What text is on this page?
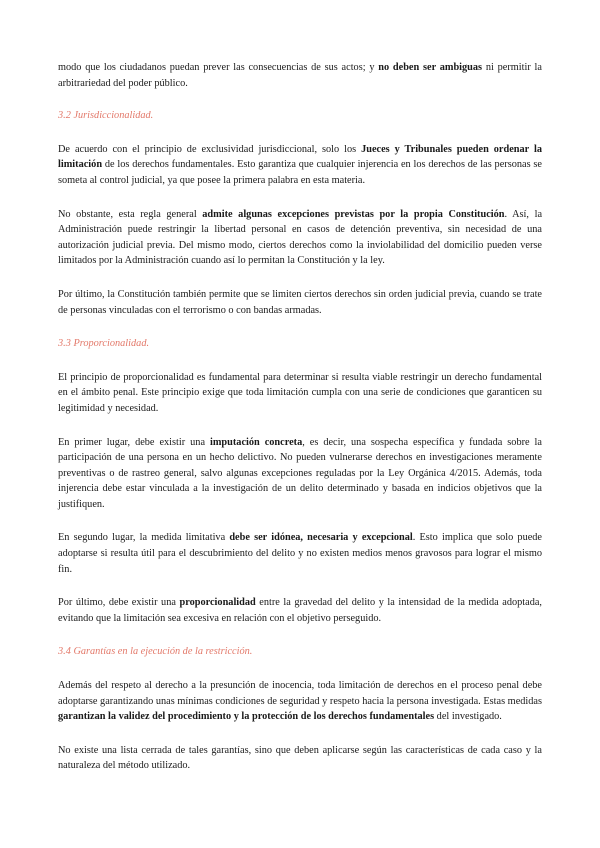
modo que los ciudadanos puedan prever las consecuencias de sus actos; y no deben ser ambiguas ni permitir la arbitrariedad del poder público.

3.2 Jurisdiccionalidad.

De acuerdo con el principio de exclusividad jurisdiccional, solo los Jueces y Tribunales pueden ordenar la limitación de los derechos fundamentales. Esto garantiza que cualquier injerencia en los derechos de las personas se someta al control judicial, ya que posee la primera palabra en esta materia.

No obstante, esta regla general admite algunas excepciones previstas por la propia Constitución. Así, la Administración puede restringir la libertad personal en casos de detención preventiva, sin necesidad de una autorización judicial previa. Del mismo modo, ciertos derechos como la inviolabilidad del domicilio pueden verse limitados por la Administración cuando así lo permitan la Constitución y la ley.

Por último, la Constitución también permite que se limiten ciertos derechos sin orden judicial previa, cuando se trate de personas vinculadas con el terrorismo o con bandas armadas.

3.3 Proporcionalidad.

El principio de proporcionalidad es fundamental para determinar si resulta viable restringir un derecho fundamental en el ámbito penal. Este principio exige que toda limitación cumpla con una serie de condiciones que garanticen su legitimidad y necesidad.

En primer lugar, debe existir una imputación concreta, es decir, una sospecha específica y fundada sobre la participación de una persona en un hecho delictivo. No pueden vulnerarse derechos en investigaciones meramente preventivas o de rastreo general, salvo algunas excepciones reguladas por la Ley Orgánica 4/2015. Además, toda injerencia debe estar vinculada a la investigación de un delito determinado y basada en indicios objetivos que la justifiquen.

En segundo lugar, la medida limitativa debe ser idónea, necesaria y excepcional. Esto implica que solo puede adoptarse si resulta útil para el descubrimiento del delito y no existen medios menos gravosos para lograr el mismo fin.

Por último, debe existir una proporcionalidad entre la gravedad del delito y la intensidad de la medida adoptada, evitando que la limitación sea excesiva en relación con el objetivo perseguido.

3.4 Garantías en la ejecución de la restricción.

Además del respeto al derecho a la presunción de inocencia, toda limitación de derechos en el proceso penal debe adoptarse garantizando unas mínimas condiciones de seguridad y respeto hacia la persona investigada. Estas medidas garantizan la validez del procedimiento y la protección de los derechos fundamentales del investigado.

No existe una lista cerrada de tales garantías, sino que deben aplicarse según las características de cada caso y la naturaleza del método utilizado.
